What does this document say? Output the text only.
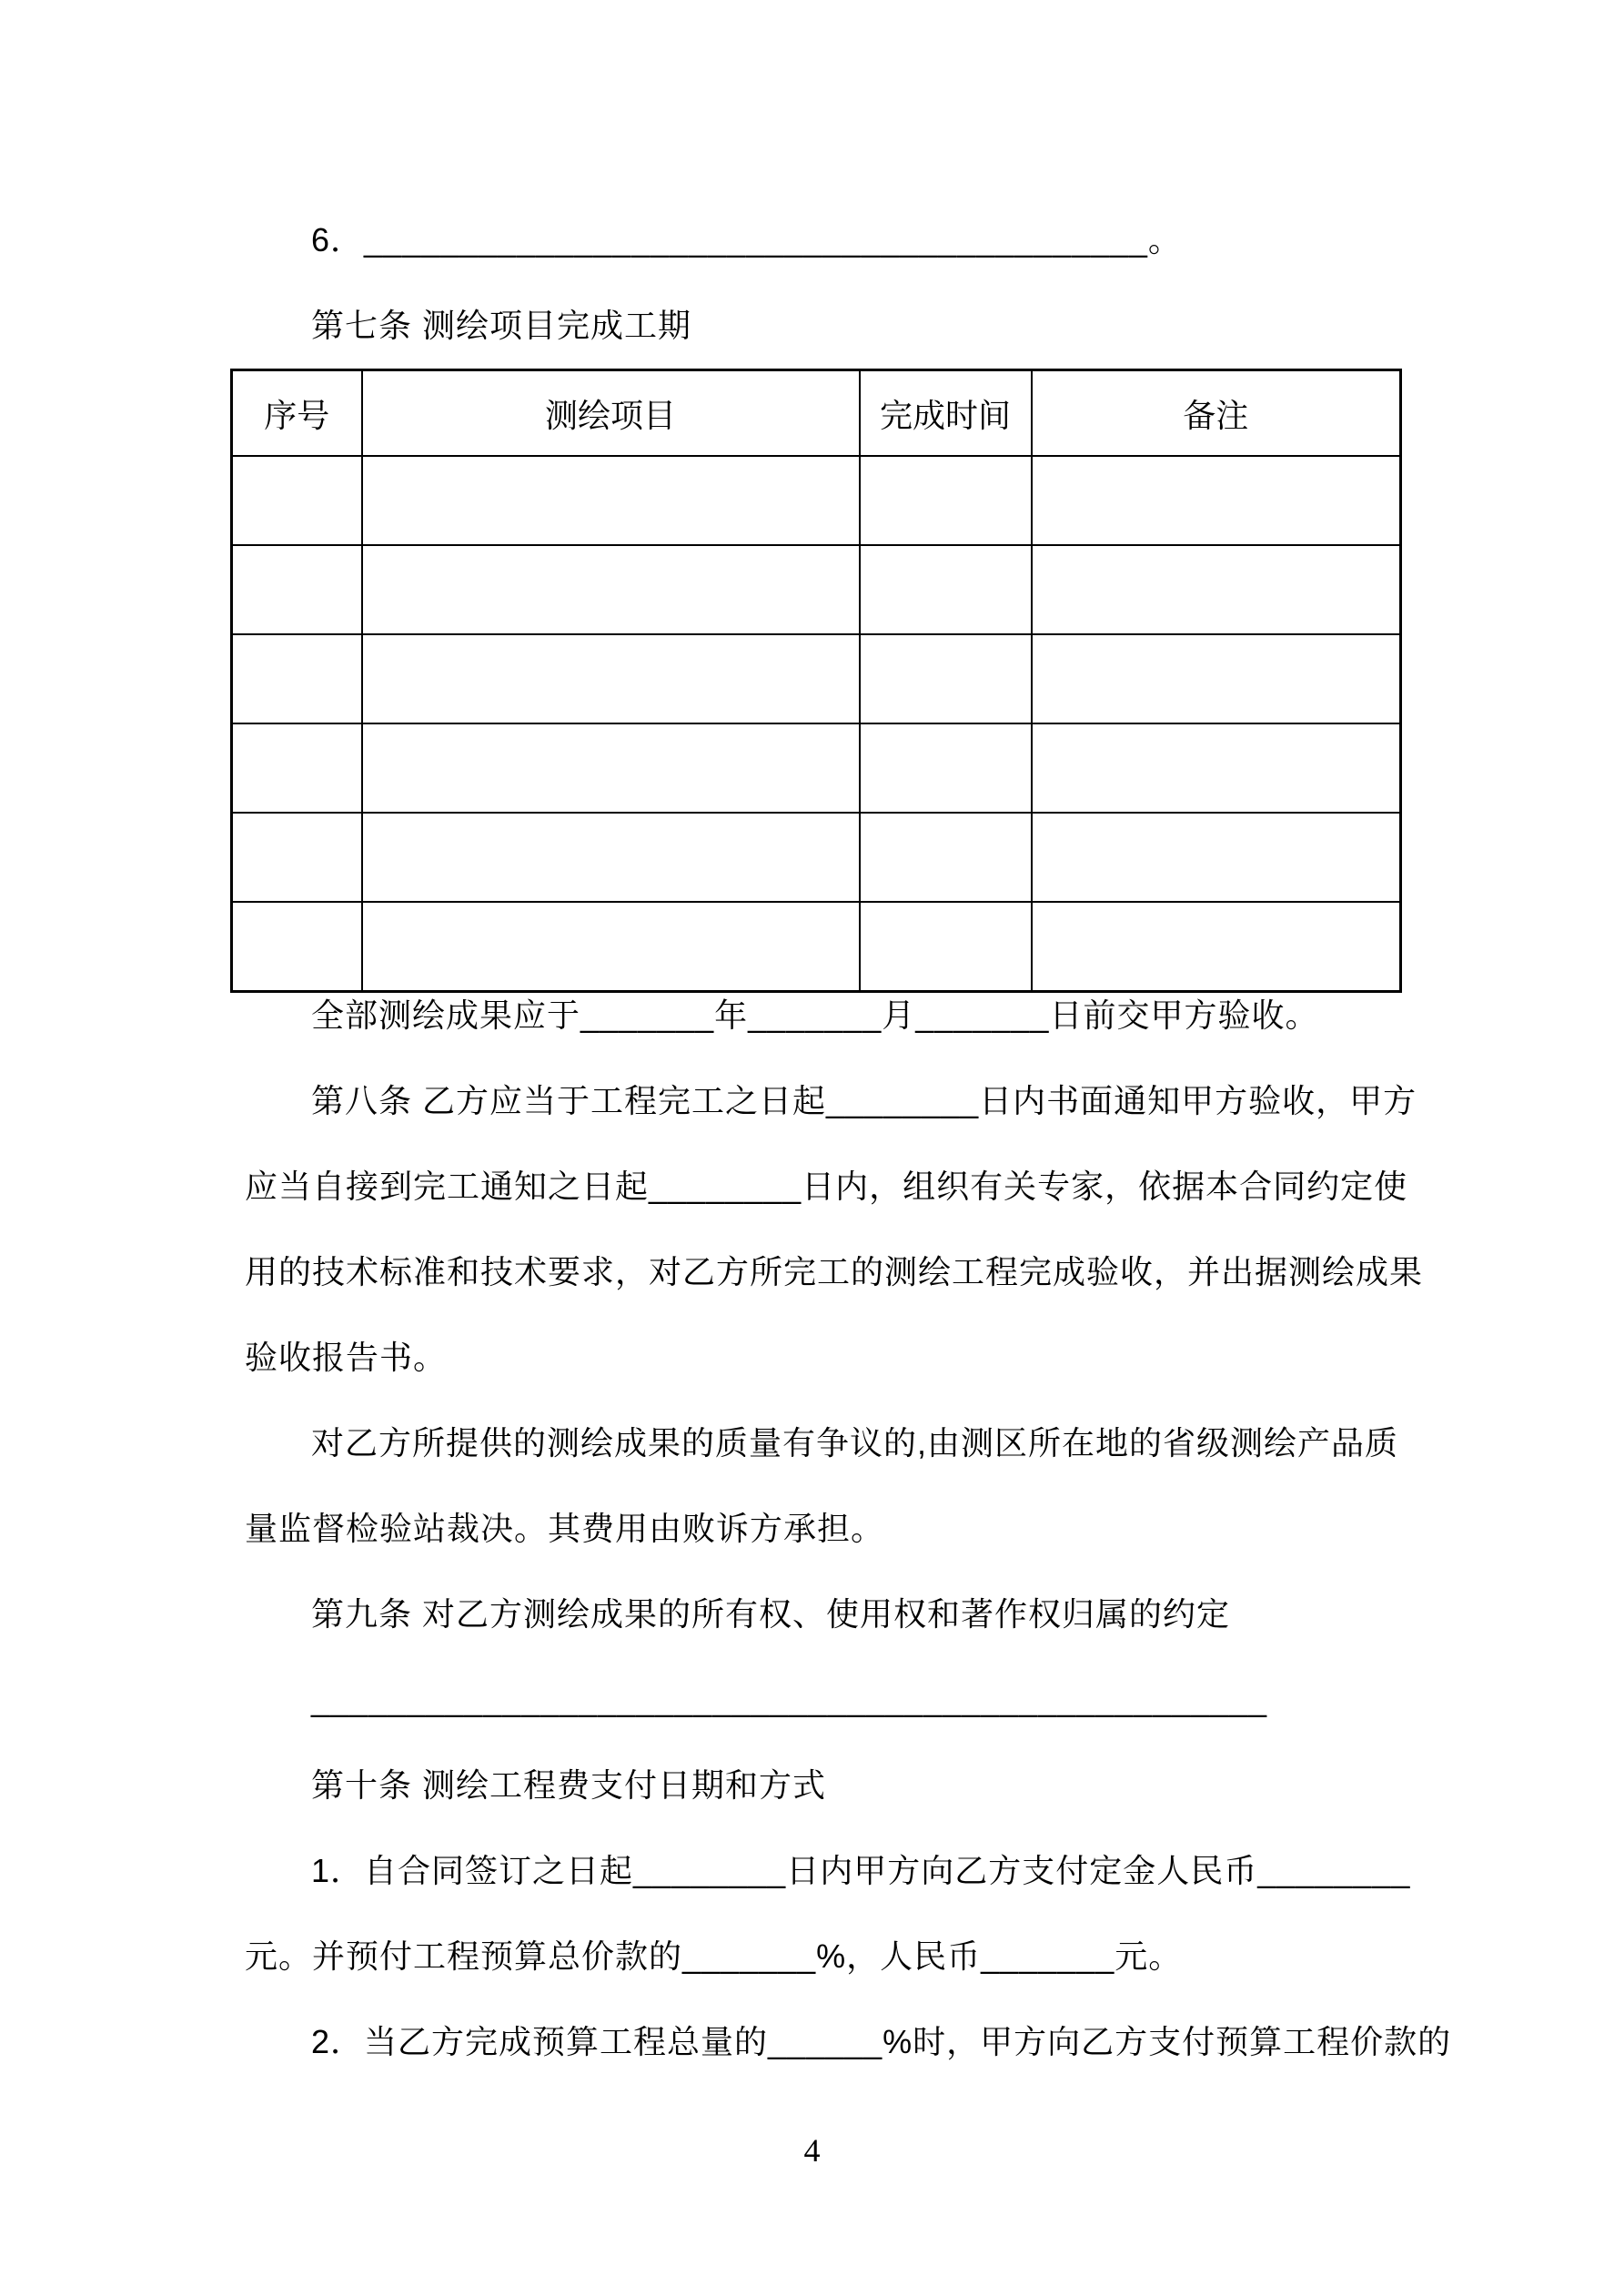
6．_________________________________________。
第七条 测绘项目完成工期
序号	测绘项目	完成时间	备注

全部测绘成果应于_______年_______月_______日前交甲方验收。
第八条 乙方应当于工程完工之日起________日内书面通知甲方验收，甲方
应当自接到完工通知之日起________日内，组织有关专家，依据本合同约定使
用的技术标准和技术要求，对乙方所完工的测绘工程完成验收，并出据测绘成果
验收报告书。
对乙方所提供的测绘成果的质量有争议的,由测区所在地的省级测绘产品质
量监督检验站裁决。其费用由败诉方承担。
第九条 对乙方测绘成果的所有权、使用权和著作权归属的约定
__________________________________________________
第十条 测绘工程费支付日期和方式
1．自合同签订之日起________日内甲方向乙方支付定金人民币________
元。并预付工程预算总价款的_______%，人民币_______元。
2．当乙方完成预算工程总量的______%时，甲方向乙方支付预算工程价款的
4
